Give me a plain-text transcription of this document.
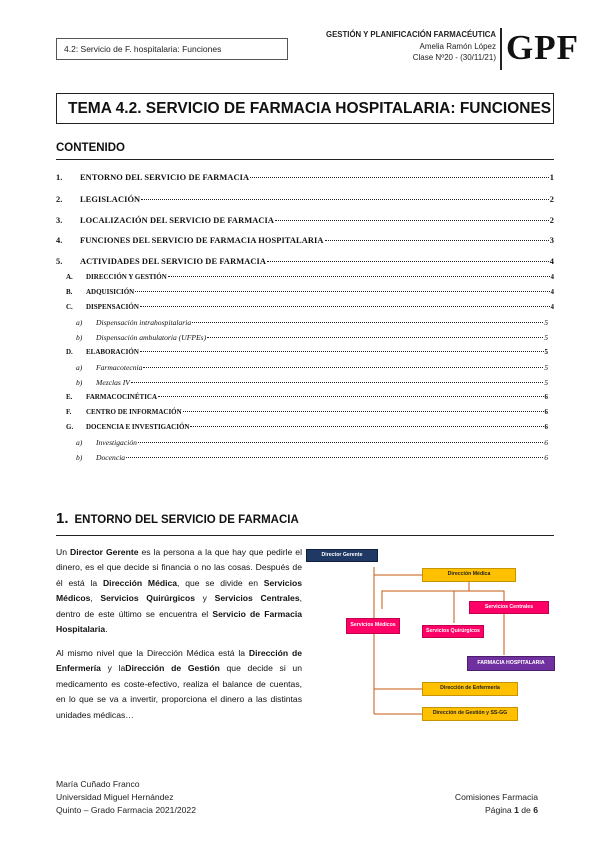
4.2: Servicio de F. hospitalaria: Funciones
GESTIÓN Y PLANIFICACIÓN FARMACÉUTICA
Amelia Ramón López
Clase Nº20 - (30/11/21) GPF
TEMA 4.2. SERVICIO DE FARMACIA HOSPITALARIA: FUNCIONES
CONTENIDO
1.	ENTORNO DEL SERVICIO DE FARMACIA	1
2.	LEGISLACIÓN	2
3.	LOCALIZACIÓN DEL SERVICIO DE FARMACIA	2
4.	FUNCIONES DEL SERVICIO DE FARMACIA HOSPITALARIA	3
5.	ACTIVIDADES DEL SERVICIO DE FARMACIA	4
A.	DIRECCIÓN Y GESTIÓN	4
B.	ADQUISICIÓN	4
C.	DISPENSACIÓN	4
a)	Dispensación intrahospitalaria	5
b)	Dispensación ambulatoria (UFPEs)	5
D.	ELABORACIÓN	5
a)	Farmacotecnia	5
b)	Mezclas IV	5
E.	FARMACOCINÉTICA	6
F.	CENTRO DE INFORMACIÓN	6
G.	DOCENCIA E INVESTIGACIÓN	6
a)	Investigación	6
b)	Docencia	6
1. ENTORNO DEL SERVICIO DE FARMACIA
Un Director Gerente es la persona a la que hay que pedirle el dinero, es el que decide si financia o no las cosas. Después de él está la Dirección Médica, que se divide en Servicios Médicos, Servicios Quirúrgicos y Servicios Centrales, dentro de este último se encuentra el Servicio de Farmacia Hospitalaria.
Al mismo nivel que la Dirección Médica está la Dirección de Enfermería y laDirección de Gestión que decide si un medicamento es coste-efectivo, realiza el balance de cuentas, en lo que se va a invertir, proporciona el dinero a las distintas unidades médicas…
Director Gerente
Dirección Médica
Servicios Centrales
Servicios Médicos
Servicios Quirúrgicos
FARMACIA HOSPITALARIA
Dirección de Enfermería
Dirección de Gestión y SS-GG
María Cuñado Franco
Universidad Miguel Hernández
Quinto – Grado Farmacia 2021/2022
Comisiones Farmacia
Página 1 de 6
